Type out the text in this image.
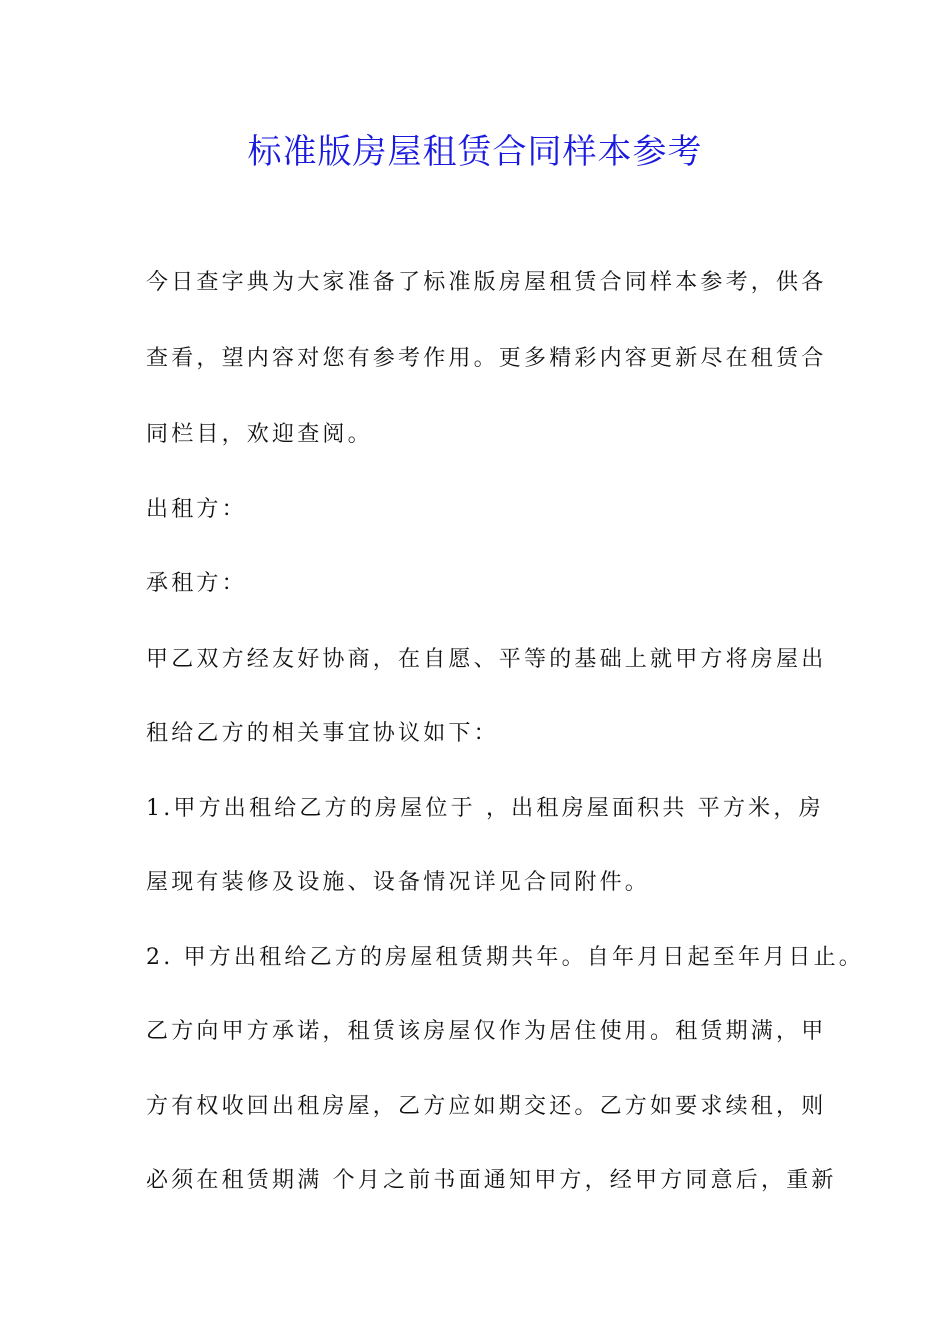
标准版房屋租赁合同样本参考

今日查字典为大家准备了标准版房屋租赁合同样本参考，供各

查看，望内容对您有参考作用。更多精彩内容更新尽在租赁合

同栏目，欢迎查阅。

出租方：

承租方：

甲乙双方经友好协商，在自愿、平等的基础上就甲方将房屋出

租给乙方的相关事宜协议如下：

1.甲方出租给乙方的房屋位于 ，出租房屋面积共 平方米，房

屋现有装修及设施、设备情况详见合同附件。

2. 甲方出租给乙方的房屋租赁期共年。自年月日起至年月日止。

乙方向甲方承诺，租赁该房屋仅作为居住使用。租赁期满，甲

方有权收回出租房屋，乙方应如期交还。乙方如要求续租，则

必须在租赁期满 个月之前书面通知甲方，经甲方同意后，重新
